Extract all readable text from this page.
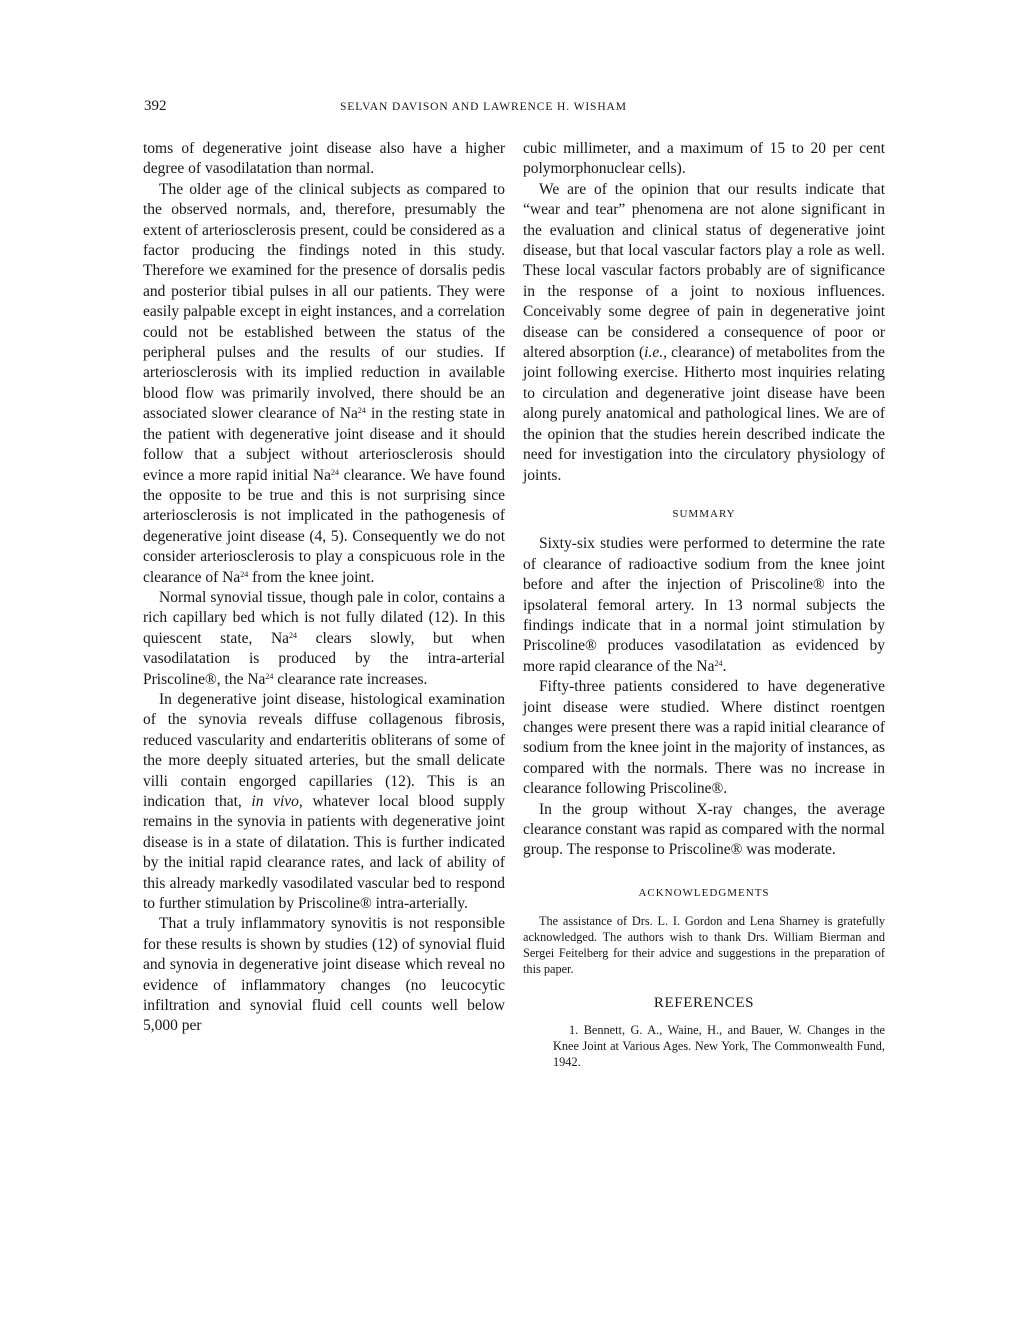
392	SELVAN DAVISON AND LAWRENCE H. WISHAM

toms of degenerative joint disease also have a higher degree of vasodilatation than normal.

The older age of the clinical subjects as compared to the observed normals, and, therefore, presumably the extent of arteriosclerosis present, could be considered as a factor producing the findings noted in this study. Therefore we examined for the presence of dorsalis pedis and posterior tibial pulses in all our patients. They were easily palpable except in eight instances, and a correlation could not be established between the status of the peripheral pulses and the results of our studies. If arteriosclerosis with its implied reduction in available blood flow was primarily involved, there should be an associated slower clearance of Na$^{24}$ in the resting state in the patient with degenerative joint disease and it should follow that a subject without arteriosclerosis should evince a more rapid initial Na$^{24}$ clearance. We have found the opposite to be true and this is not surprising since arteriosclerosis is not implicated in the pathogenesis of degenerative joint disease (4, 5). Consequently we do not consider arteriosclerosis to play a conspicuous role in the clearance of Na$^{24}$ from the knee joint.

Normal synovial tissue, though pale in color, contains a rich capillary bed which is not fully dilated (12). In this quiescent state, Na$^{24}$ clears slowly, but when vasodilatation is produced by the intra-arterial Priscoline®, the Na$^{24}$ clearance rate increases.

In degenerative joint disease, histological examination of the synovia reveals diffuse collagenous fibrosis, reduced vascularity and endarteritis obliterans of some of the more deeply situated arteries, but the small delicate villi contain engorged capillaries (12). This is an indication that, in vivo, whatever local blood supply remains in the synovia in patients with degenerative joint disease is in a state of dilatation. This is further indicated by the initial rapid clearance rates, and lack of ability of this already markedly vasodilated vascular bed to respond to further stimulation by Priscoline® intra-arterially.

That a truly inflammatory synovitis is not responsible for these results is shown by studies (12) of synovial fluid and synovia in degenerative joint disease which reveal no evidence of inflammatory changes (no leucocytic infiltration and synovial fluid cell counts well below 5,000 per

cubic millimeter, and a maximum of 15 to 20 per cent polymorphonuclear cells).

We are of the opinion that our results indicate that “wear and tear” phenomena are not alone significant in the evaluation and clinical status of degenerative joint disease, but that local vascular factors play a role as well. These local vascular factors probably are of significance in the response of a joint to noxious influences. Conceivably some degree of pain in degenerative joint disease can be considered a consequence of poor or altered absorption (i.e., clearance) of metabolites from the joint following exercise. Hitherto most inquiries relating to circulation and degenerative joint disease have been along purely anatomical and pathological lines. We are of the opinion that the studies herein described indicate the need for investigation into the circulatory physiology of joints.

SUMMARY

Sixty-six studies were performed to determine the rate of clearance of radioactive sodium from the knee joint before and after the injection of Priscoline® into the ipsolateral femoral artery. In 13 normal subjects the findings indicate that in a normal joint stimulation by Priscoline® produces vasodilatation as evidenced by more rapid clearance of the Na$^{24}$.

Fifty-three patients considered to have degenerative joint disease were studied. Where distinct roentgen changes were present there was a rapid initial clearance of sodium from the knee joint in the majority of instances, as compared with the normals. There was no increase in clearance following Priscoline®.

In the group without X-ray changes, the average clearance constant was rapid as compared with the normal group. The response to Priscoline® was moderate.

ACKNOWLEDGMENTS

The assistance of Drs. L. I. Gordon and Lena Sharney is gratefully acknowledged. The authors wish to thank Drs. William Bierman and Sergei Feitelberg for their advice and suggestions in the preparation of this paper.

REFERENCES

1. Bennett, G. A., Waine, H., and Bauer, W. Changes in the Knee Joint at Various Ages. New York, The Commonwealth Fund, 1942.
